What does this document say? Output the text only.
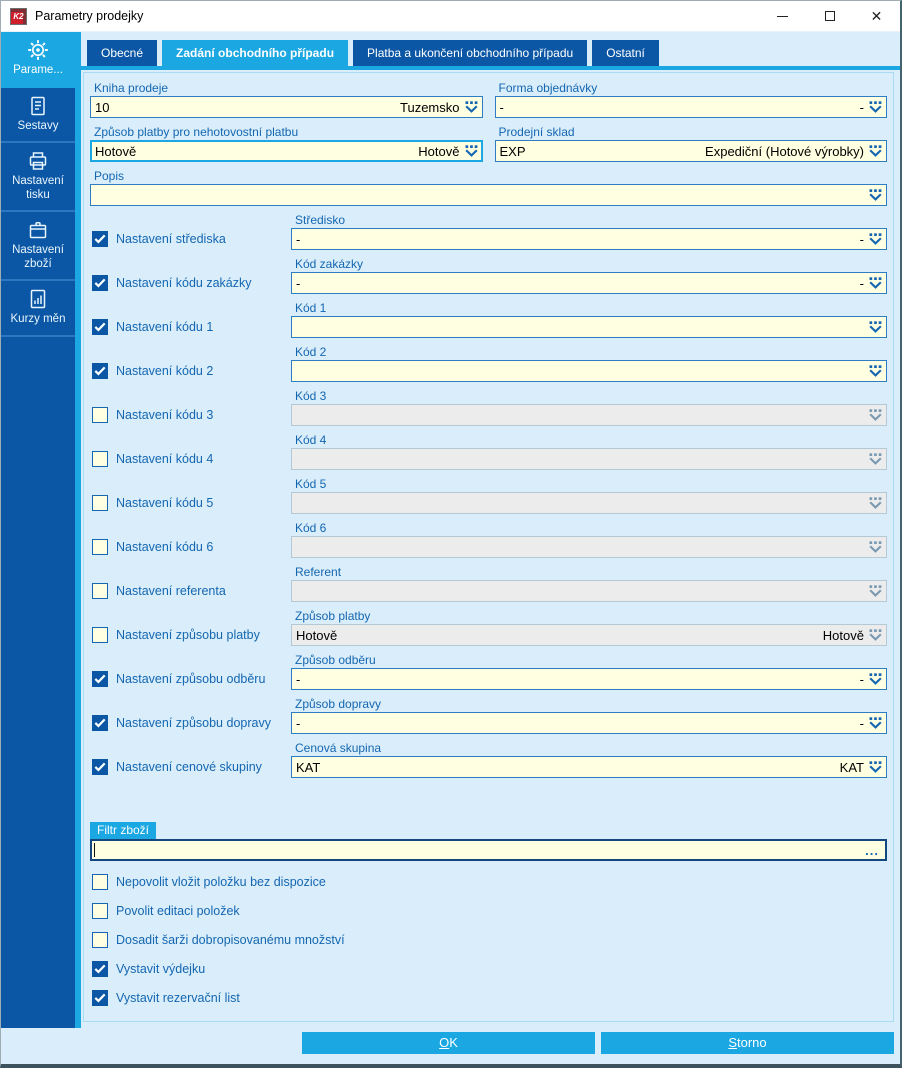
K2 Parametry prodejky	✕
Parame...
Sestavy
Nastavení tisku
Nastavení zboží
Kurzy měn
Obecné	Zadání obchodního případu	Platba a ukončení obchodního případu	Ostatní
Kniha prodeje
10	Tuzemsko
Forma objednávky
-	-
Způsob platby pro nehotovostní platbu
Hotově	Hotově
Prodejní sklad
EXP	Expediční (Hotové výrobky)
Popis
Nastavení střediska
Středisko
-	-
Nastavení kódu zakázky
Kód zakázky
-	-
Nastavení kódu 1
Kód 1
Nastavení kódu 2
Kód 2
Nastavení kódu 3
Kód 3
Nastavení kódu 4
Kód 4
Nastavení kódu 5
Kód 5
Nastavení kódu 6
Kód 6
Nastavení referenta
Referent
Nastavení způsobu platby
Způsob platby
Hotově	Hotově
Nastavení způsobu odběru
Způsob odběru
-	-
Nastavení způsobu dopravy
Způsob dopravy
-	-
Nastavení cenové skupiny
Cenová skupina
KAT	KAT
Filtr zboží
...
Nepovolit vložit položku bez dispozice
Povolit editaci položek
Dosadit šarži dobropisovanému množství
Vystavit výdejku
Vystavit rezervační list
OK	Storno
